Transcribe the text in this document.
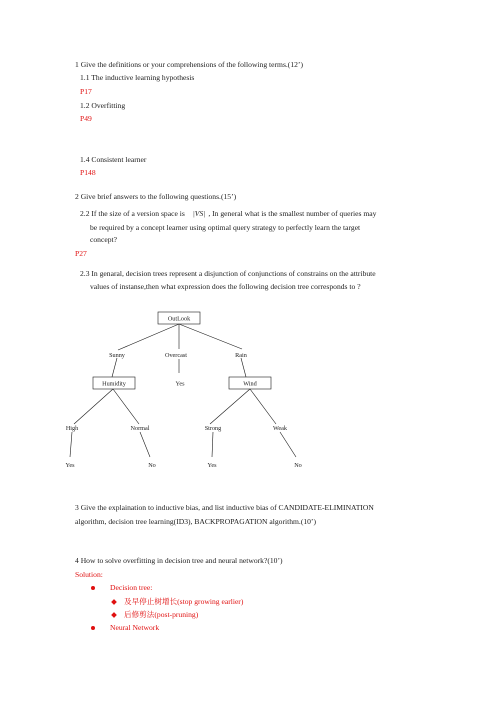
1 Give the definitions or your comprehensions of the following terms.(12’)
1.1 The inductive learning hypothesis
P17
1.2 Overfitting
P49
1.4 Consistent learner
P148
2 Give brief answers to the following questions.(15’)
2.2 If the size of a version space is |VS| , In general what is the smallest number of queries may
be required by a concept learner using optimal query strategy to perfectly learn the target
concept?
P27
2.3 In genaral, decision trees represent a disjunction of conjunctions of constrains on the attribute
values of instanse,then what expression does the following decision tree corresponds to ?
OutLook
Sunny	Overcast	Rain
Humidity	Yes	Wind
High	Normal	Strong	Weak
Yes	No	Yes	No
3 Give the explaination to inductive bias, and list inductive bias of CANDIDATE-ELIMINATION
algorithm, decision tree learning(ID3), BACKPROPAGATION algorithm.(10’)
4 How to solve overfitting in decision tree and neural network?(10’)
Solution:
Decision tree:
及早停止树增长(stop growing earlier)
后修剪法(post-pruning)
Neural Network
